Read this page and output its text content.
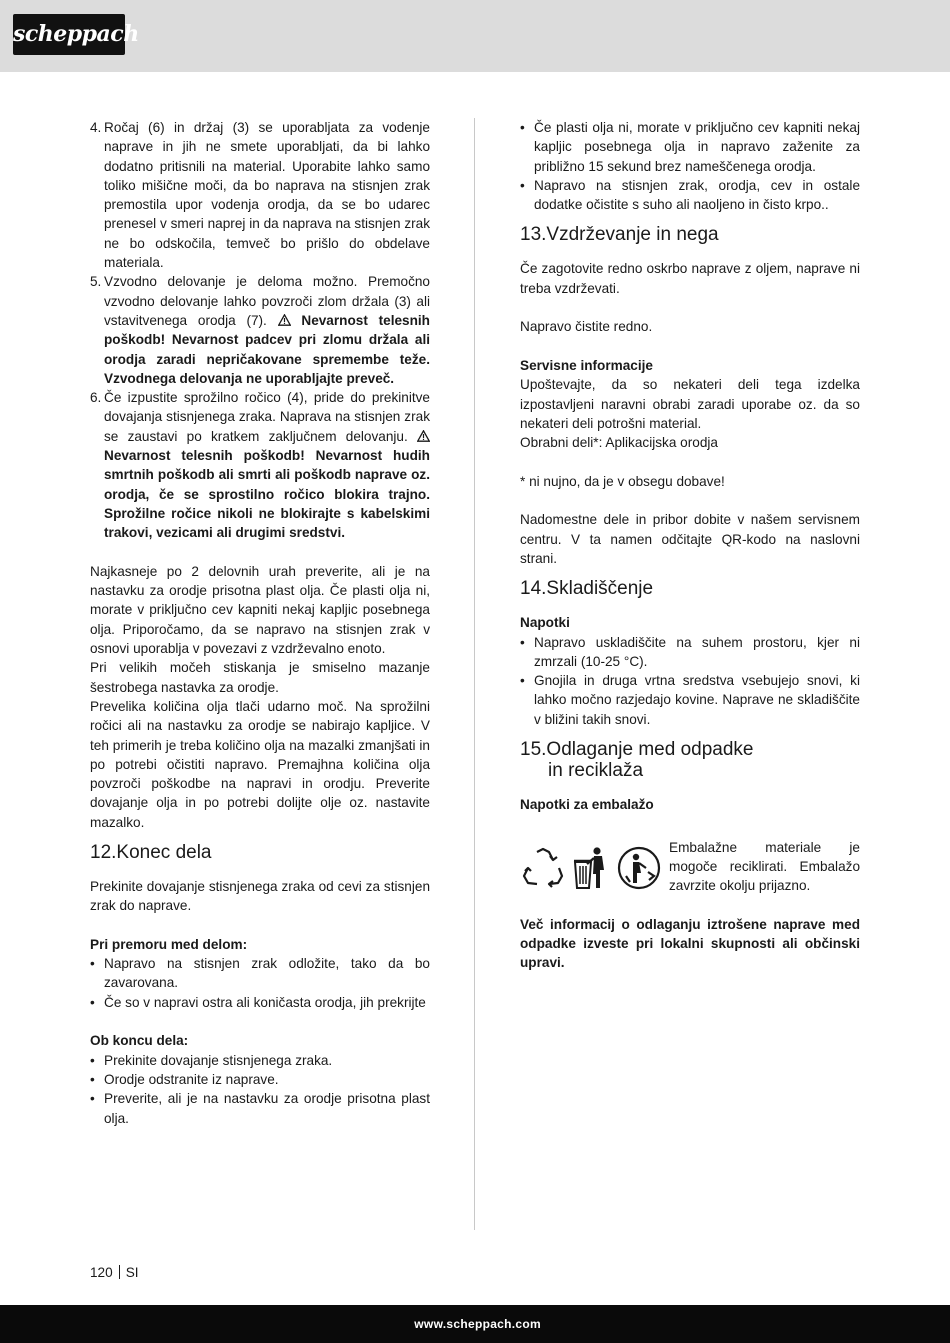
scheppach
4. Ročaj (6) in držaj (3) se uporabljata za vodenje naprave in jih ne smete uporabljati, da bi lahko dodatno pritisnili na material. Uporabite lahko samo toliko mišične moči, da bo naprava na stisnjen zrak premostila upor vodenja orodja, da se bo udarec prenesel v smeri naprej in da naprava na stisnjen zrak ne bo odskočila, temveč bo prišlo do obdelave materiala.
5. Vzvodno delovanje je deloma možno. Premočno vzvodno delovanje lahko povzroči zlom držala (3) ali vstavitvenega orodja (7).	Nevarnost telesnih poškodb! Nevarnost padcev pri zlomu držala ali orodja zaradi nepričakovane spremembe teže. Vzvodnega delovanja ne uporabljajte preveč.
6. Če izpustite sprožilno ročico (4), pride do prekinitve dovajanja stisnjenega zraka. Naprava na stisnjen zrak se zaustavi po kratkem zaključnem delovanju.  Nevarnost telesnih poškodb! Nevarnost hudih smrtnih poškodb ali smrti ali poškodb naprave oz. orodja, če se sprostilno ročico blokira trajno. Sprožilne ročice nikoli ne blokirajte s kabelskimi trakovi, vezicami ali drugimi sredstvi.

Najkasneje po 2 delovnih urah preverite, ali je na nastavku za orodje prisotna plast olja. Če plasti olja ni, morate v priključno cev kapniti nekaj kapljic posebnega olja. Priporočamo, da se napravo na stisnjen zrak v osnovi uporablja v povezavi z vzdrževalno enoto.

Pri velikih močeh stiskanja je smiselno mazanje šestrobega nastavka za orodje.

Prevelika količina olja tlači udarno moč. Na sprožilni ročici ali na nastavku za orodje se nabirajo kapljice. V teh primerih je treba količino olja na mazalki zmanjšati in po potrebi očistiti napravo. Premajhna količina olja povzroči poškodbe na napravi in orodju. Preverite dovajanje olja in po potrebi dolijte olje oz. nastavite mazalko.

12.Konec dela

Prekinite dovajanje stisnjenega zraka od cevi za stisnjen zrak do naprave.

Pri premoru med delom:

• Napravo na stisnjen zrak odložite, tako da bo zavarovana.
• Če so v napravi ostra ali koničasta orodja, jih prekrijte

Ob koncu dela:

• Prekinite dovajanje stisnjenega zraka.
• Orodje odstranite iz naprave.
• Preverite, ali je na nastavku za orodje prisotna plast olja.
• Če plasti olja ni, morate v priključno cev kapniti nekaj kapljic posebnega olja in napravo zaženite za približno 15 sekund brez nameščenega orodja.
• Napravo na stisnjen zrak, orodja, cev in ostale dodatke očistite s suho ali naoljeno in čisto krpo..
13.Vzdrževanje in nega

Če zagotovite redno oskrbo naprave z oljem, naprave ni treba vzdrževati.

Napravo čistite redno.

Servisne informacije

Upoštevajte, da so nekateri deli tega izdelka izpostavljeni naravni obrabi zaradi uporabe oz. da so nekateri deli potrošni material.

Obrabni deli*: Aplikacijska orodja

* ni nujno, da je v obsegu dobave!

Nadomestne dele in pribor dobite v našem servisnem centru. V ta namen odčitajte QR-kodo na naslovni strani.

14.Skladiščenje

Napotki

• Napravo uskladiščite na suhem prostoru, kjer ni zmrzali (10-25 °C).
• Gnojila in druga vrtna sredstva vsebujejo snovi, ki lahko močno razjedajo kovine. Naprave ne skladiščite v bližini takih snovi.
15.Odlaganje med odpadke
in reciklaža

Napotki za embalažo

Embalažne materiale je mogoče reciklirati. Embalažo zavrzite okolju prijazno.

Več informacij o odlaganju iztrošene naprave med odpadke izveste pri lokalni skupnosti ali občinski upravi.

120 SI
www.scheppach.com
